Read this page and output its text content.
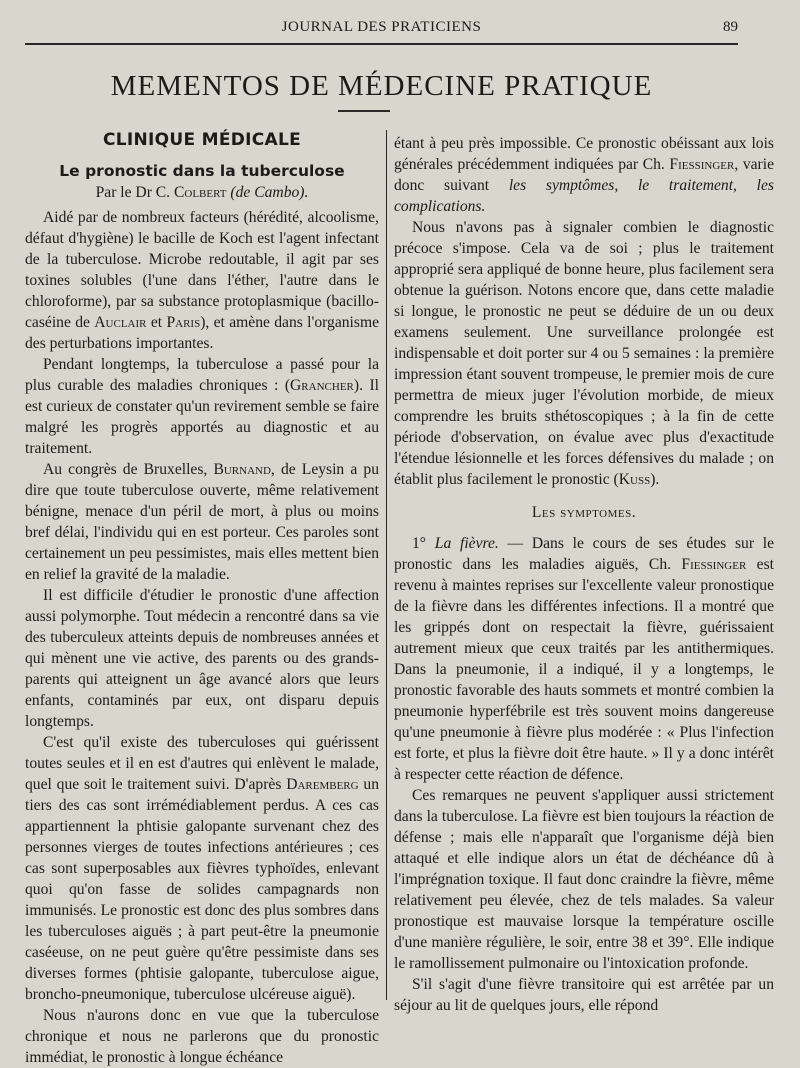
JOURNAL DES PRATICIENS	89
MEMENTOS DE MÉDECINE PRATIQUE
CLINIQUE MÉDICALE
Le pronostic dans la tuberculose
Par le Dr C. Colbert (de Cambo).

Aidé par de nombreux facteurs (hérédité, alcoolisme, défaut d'hygiène) le bacille de Koch est l'agent infectant de la tuberculose. Microbe redoutable, il agit par ses toxines solubles (l'une dans l'éther, l'autre dans le chloroforme), par sa substance protoplasmique (bacillo-caséine de Auclair et Paris), et amène dans l'organisme des perturbations importantes.

Pendant longtemps, la tuberculose a passé pour la plus curable des maladies chroniques : (Grancher). Il est curieux de constater qu'un revirement semble se faire malgré les progrès apportés au diagnostic et au traitement.

Au congrès de Bruxelles, Burnand, de Leysin a pu dire que toute tuberculose ouverte, même relativement bénigne, menace d'un péril de mort, à plus ou moins bref délai, l'individu qui en est porteur. Ces paroles sont certainement un peu pessimistes, mais elles mettent bien en relief la gravité de la maladie.

Il est difficile d'étudier le pronostic d'une affection aussi polymorphe. Tout médecin a rencontré dans sa vie des tuberculeux atteints depuis de nombreuses années et qui mènent une vie active, des parents ou des grands-parents qui atteignent un âge avancé alors que leurs enfants, contaminés par eux, ont disparu depuis longtemps.

C'est qu'il existe des tuberculoses qui guérissent toutes seules et il en est d'autres qui enlèvent le malade, quel que soit le traitement suivi. D'après Daremberg un tiers des cas sont irrémédiablement perdus. A ces cas appartiennent la phtisie galopante survenant chez des personnes vierges de toutes infections antérieures ; ces cas sont superposables aux fièvres typhoïdes, enlevant quoi qu'on fasse de solides campagnards non immunisés. Le pronostic est donc des plus sombres dans les tuberculoses aiguës ; à part peut-être la pneumonie caséeuse, on ne peut guère qu'être pessimiste dans ses diverses formes (phtisie galopante, tuberculose aigue, broncho-pneumonique, tuberculose ulcéreuse aiguë).

Nous n'aurons donc en vue que la tuberculose chronique et nous ne parlerons que du pronostic immédiat, le pronostic à longue échéance

étant à peu près impossible. Ce pronostic obéissant aux lois générales précédemment indiquées par Ch. Fiessinger, varie donc suivant les symptômes, le traitement, les complications.

Nous n'avons pas à signaler combien le diagnostic précoce s'impose. Cela va de soi ; plus le traitement approprié sera appliqué de bonne heure, plus facilement sera obtenue la guérison. Notons encore que, dans cette maladie si longue, le pronostic ne peut se déduire de un ou deux examens seulement. Une surveillance prolongée est indispensable et doit porter sur 4 ou 5 semaines : la première impression étant souvent trompeuse, le premier mois de cure permettra de mieux juger l'évolution morbide, de mieux comprendre les bruits sthétoscopiques ; à la fin de cette période d'observation, on évalue avec plus d'exactitude l'étendue lésionnelle et les forces défensives du malade ; on établit plus facilement le pronostic (Kuss).

Les symptomes.

1° La fièvre. — Dans le cours de ses études sur le pronostic dans les maladies aiguës, Ch. Fiessinger est revenu à maintes reprises sur l'excellente valeur pronostique de la fièvre dans les différentes infections. Il a montré que les grippés dont on respectait la fièvre, guérissaient autrement mieux que ceux traités par les antithermiques. Dans la pneumonie, il a indiqué, il y a longtemps, le pronostic favorable des hauts sommets et montré combien la pneumonie hyperfébrile est très souvent moins dangereuse qu'une pneumonie à fièvre plus modérée : « Plus l'infection est forte, et plus la fièvre doit être haute. » Il y a donc intérêt à respecter cette réaction de défence.

Ces remarques ne peuvent s'appliquer aussi strictement dans la tuberculose. La fièvre est bien toujours la réaction de défense ; mais elle n'apparaît que l'organisme déjà bien attaqué et elle indique alors un état de déchéance dû à l'imprégnation toxique. Il faut donc craindre la fièvre, même relativement peu élevée, chez de tels malades. Sa valeur pronostique est mauvaise lorsque la température oscille d'une manière régulière, le soir, entre 38 et 39°. Elle indique le ramollissement pulmonaire ou l'intoxication profonde.

S'il s'agit d'une fièvre transitoire qui est arrêtée par un séjour au lit de quelques jours, elle répond
